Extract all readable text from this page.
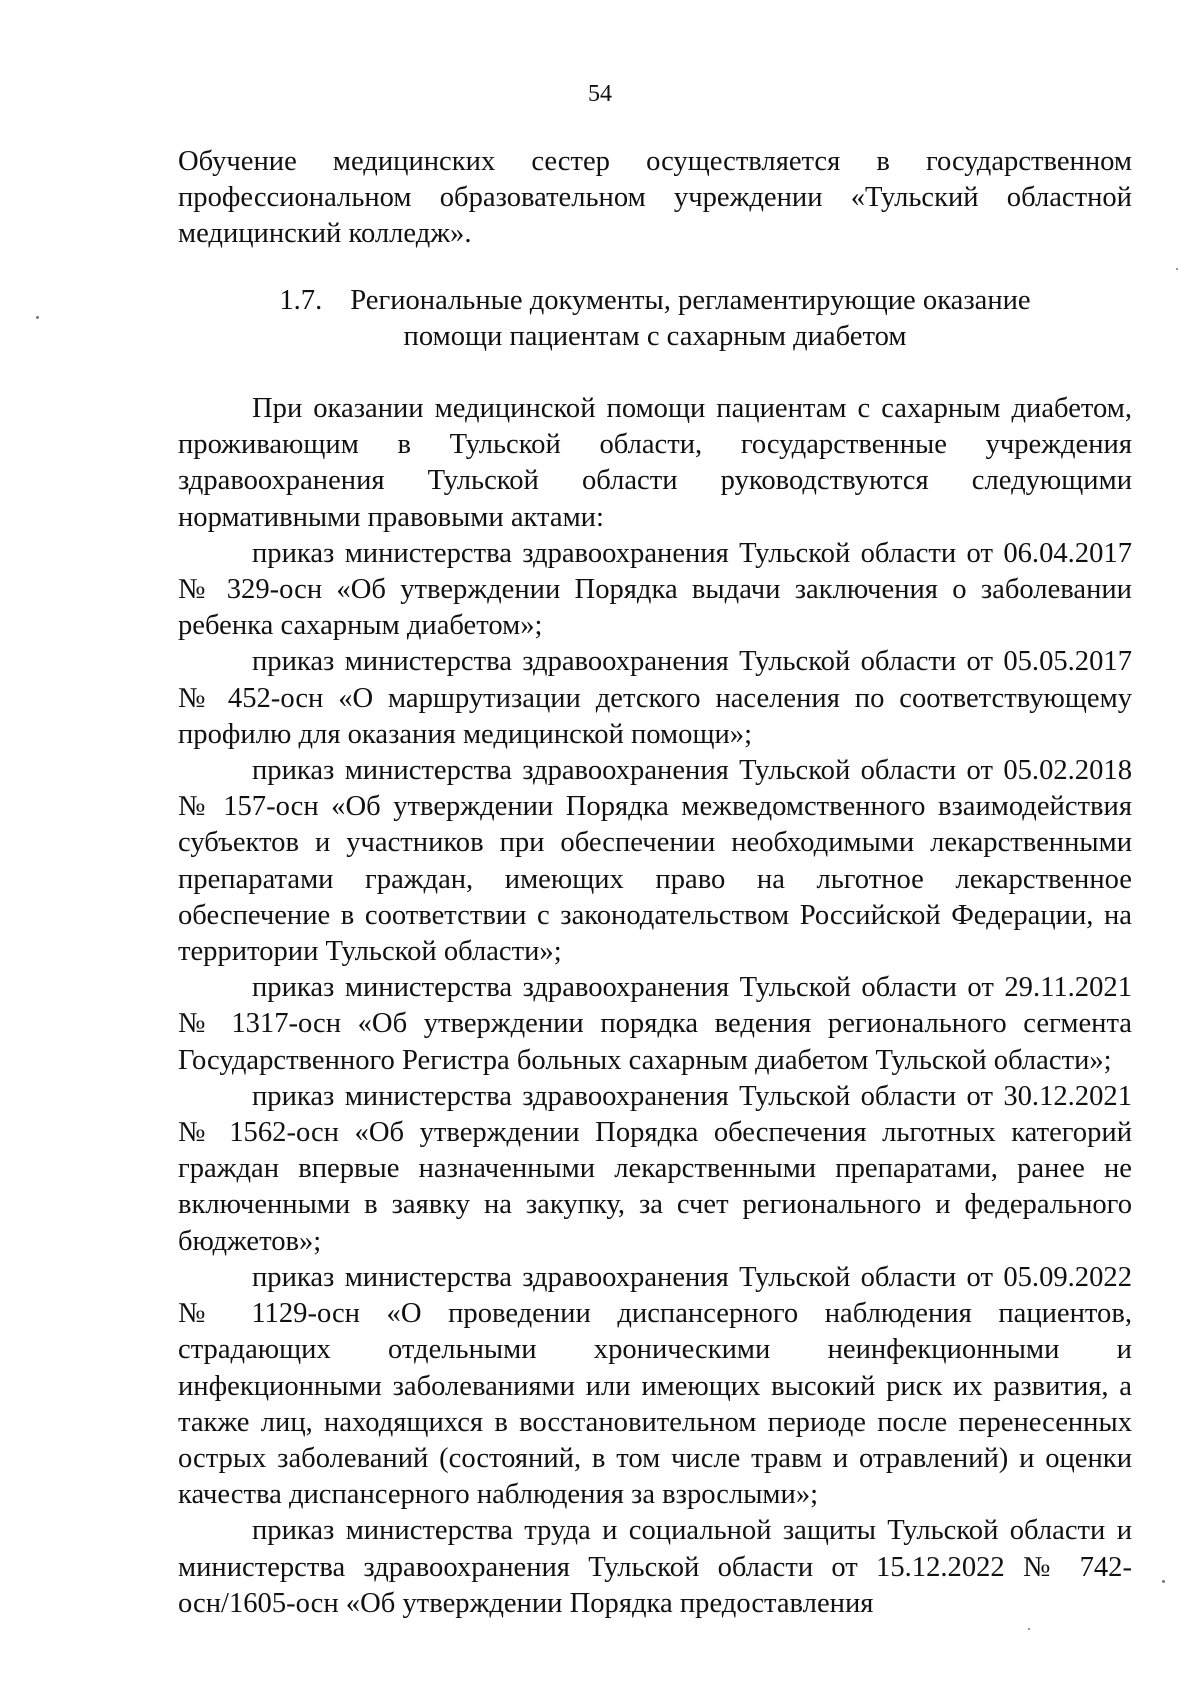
54

Обучение медицинских сестер осуществляется в государственном профессиональном образовательном учреждении «Тульский областной медицинский колледж».

1.7. Региональные документы, регламентирующие оказание
помощи пациентам с сахарным диабетом

При оказании медицинской помощи пациентам с сахарным диабетом, проживающим в Тульской области, государственные учреждения здравоохранения Тульской области руководствуются следующими нормативными правовыми актами:

приказ министерства здравоохранения Тульской области от 06.04.2017 № 329-осн «Об утверждении Порядка выдачи заключения о заболевании ребенка сахарным диабетом»;

приказ министерства здравоохранения Тульской области от 05.05.2017 № 452-осн «О маршрутизации детского населения по соответствующему профилю для оказания медицинской помощи»;

приказ министерства здравоохранения Тульской области от 05.02.2018 № 157-осн «Об утверждении Порядка межведомственного взаимодействия субъектов и участников при обеспечении необходимыми лекарственными препаратами граждан, имеющих право на льготное лекарственное обеспечение в соответствии с законодательством Российской Федерации, на территории Тульской области»;

приказ министерства здравоохранения Тульской области от 29.11.2021 № 1317-осн «Об утверждении порядка ведения регионального сегмента Государственного Регистра больных сахарным диабетом Тульской области»;

приказ министерства здравоохранения Тульской области от 30.12.2021 № 1562-осн «Об утверждении Порядка обеспечения льготных категорий граждан впервые назначенными лекарственными препаратами, ранее не включенными в заявку на закупку, за счет регионального и федерального бюджетов»;

приказ министерства здравоохранения Тульской области от 05.09.2022 № 1129-осн «О проведении диспансерного наблюдения пациентов, страдающих отдельными хроническими неинфекционными и инфекционными заболеваниями или имеющих высокий риск их развития, а также лиц, находящихся в восстановительном периоде после перенесенных острых заболеваний (состояний, в том числе травм и отравлений) и оценки качества диспансерного наблюдения за взрослыми»;

приказ министерства труда и социальной защиты Тульской области и министерства здравоохранения Тульской области от 15.12.2022 № 742-осн/1605-осн «Об утверждении Порядка предоставления
